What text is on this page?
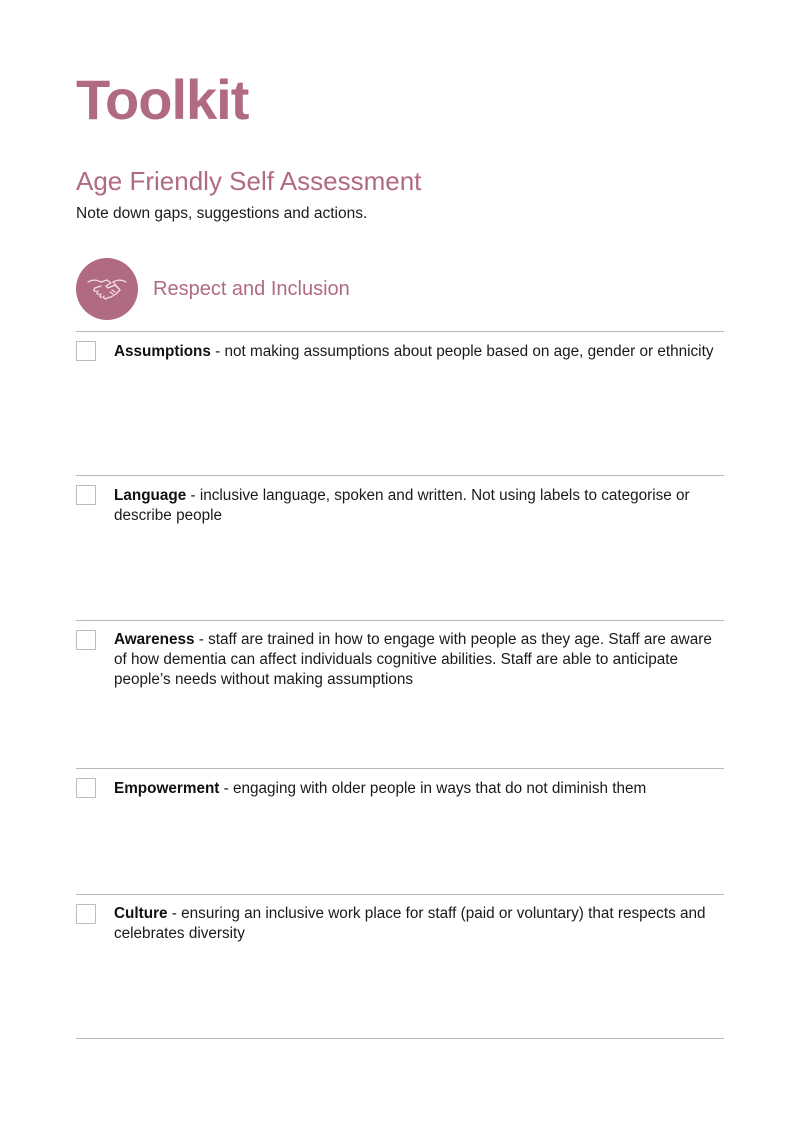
Toolkit
Age Friendly Self Assessment

Note down gaps, suggestions and actions.

Respect and Inclusion

Assumptions - not making assumptions about people based on age, gender or ethnicity

Language - inclusive language, spoken and written. Not using labels to categorise or describe people

Awareness - staff are trained in how to engage with people as they age. Staff are aware of how dementia can affect individuals cognitive abilities. Staff are able to anticipate people’s needs without making assumptions

Empowerment - engaging with older people in ways that do not diminish them

Culture - ensuring an inclusive work place for staff (paid or voluntary) that respects and celebrates diversity
